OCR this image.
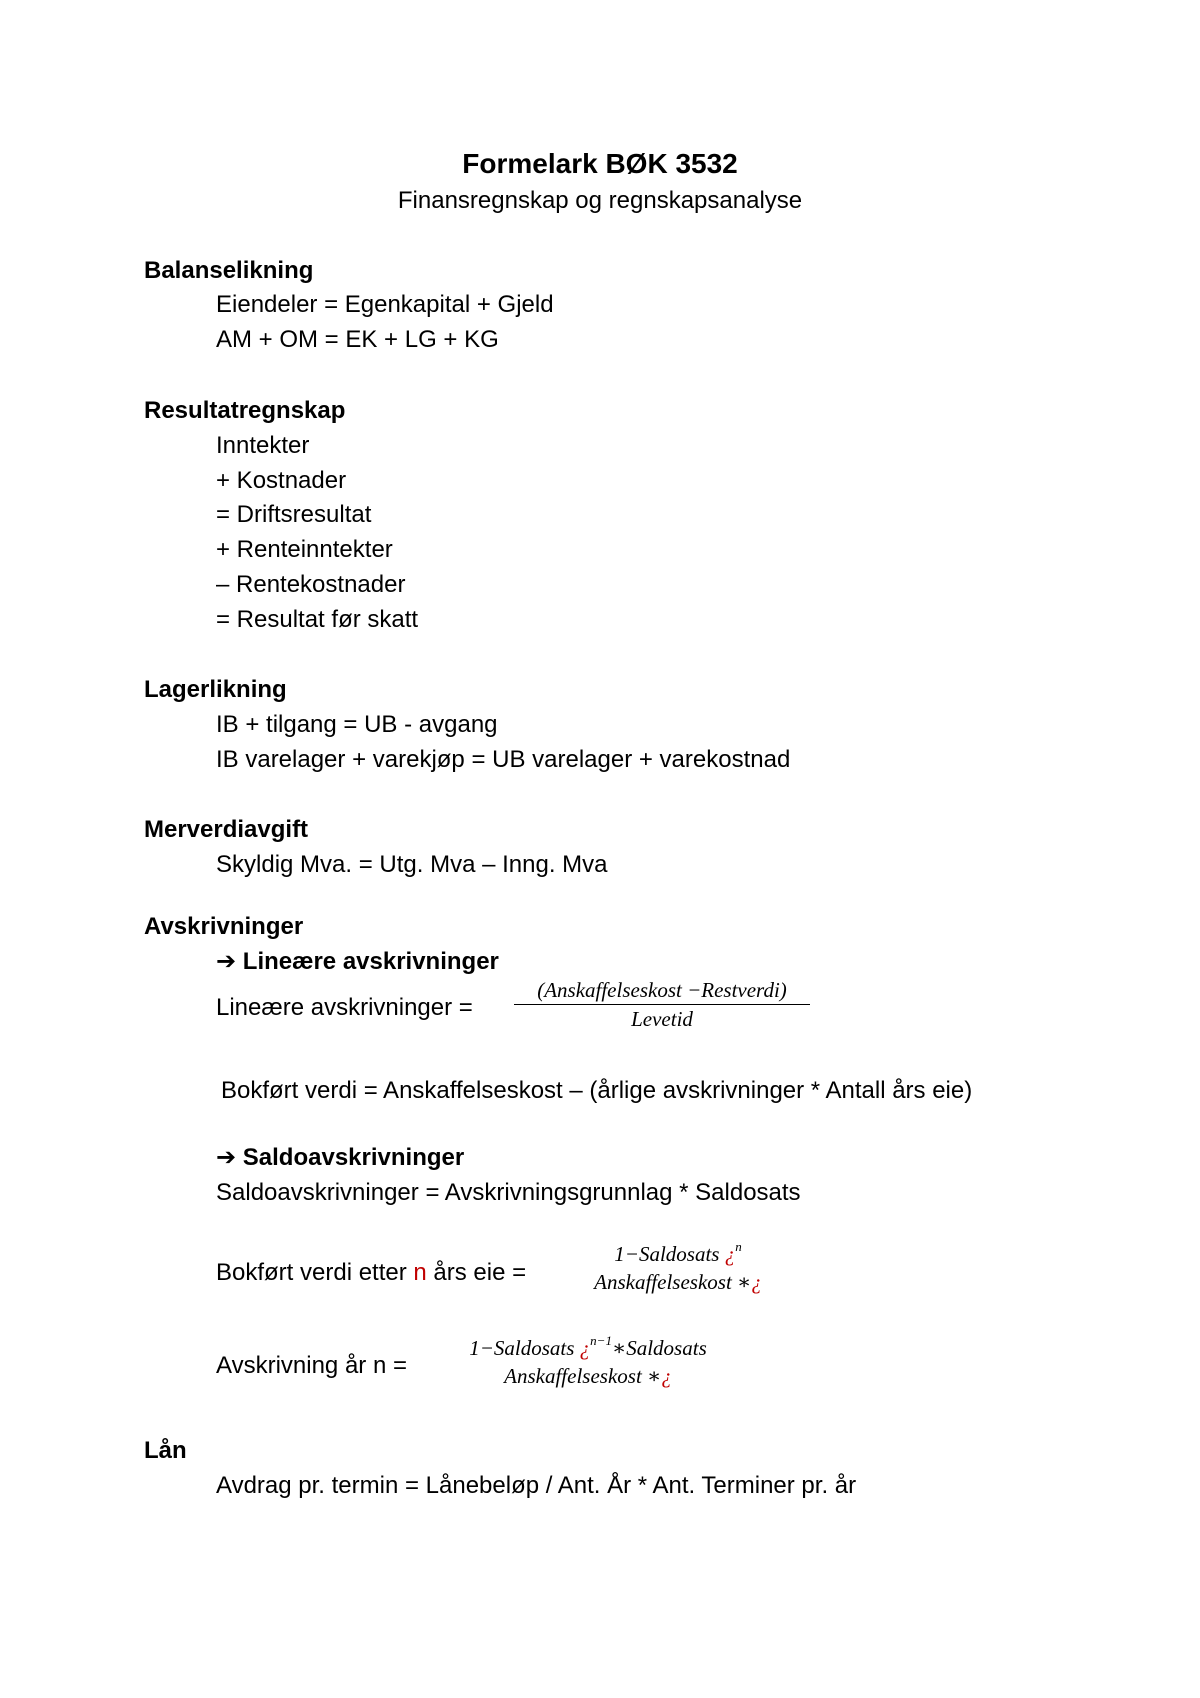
Formelark BØK 3532
Finansregnskap og regnskapsanalyse
Balanselikning
Eiendeler = Egenkapital + Gjeld
AM + OM = EK + LG + KG
Resultatregnskap
Inntekter
+ Kostnader
= Driftsresultat
+ Renteinntekter
– Rentekostnader
= Resultat før skatt
Lagerlikning
IB + tilgang = UB - avgang
IB varelager + varekjøp = UB varelager + varekostnad
Merverdiavgift
Skyldig Mva. = Utg. Mva – Inng. Mva
Avskrivninger
➔ Lineære avskrivninger
Lineære avskrivninger =
(Anskaffelseskost −Restverdi)
Levetid
Bokført verdi = Anskaffelseskost – (årlige avskrivninger * Antall års eie)
➔ Saldoavskrivninger
Saldoavskrivninger = Avskrivningsgrunnlag * Saldosats
Bokført verdi etter n års eie =
1−Saldosats ¿$^n$
Anskaffelseskost ∗¿
Avskrivning år n =
1−Saldosats ¿$^{n-1}$∗Saldosats
Anskaffelseskost ∗¿
Lån
Avdrag pr. termin = Lånebeløp / Ant. År * Ant. Terminer pr. år
